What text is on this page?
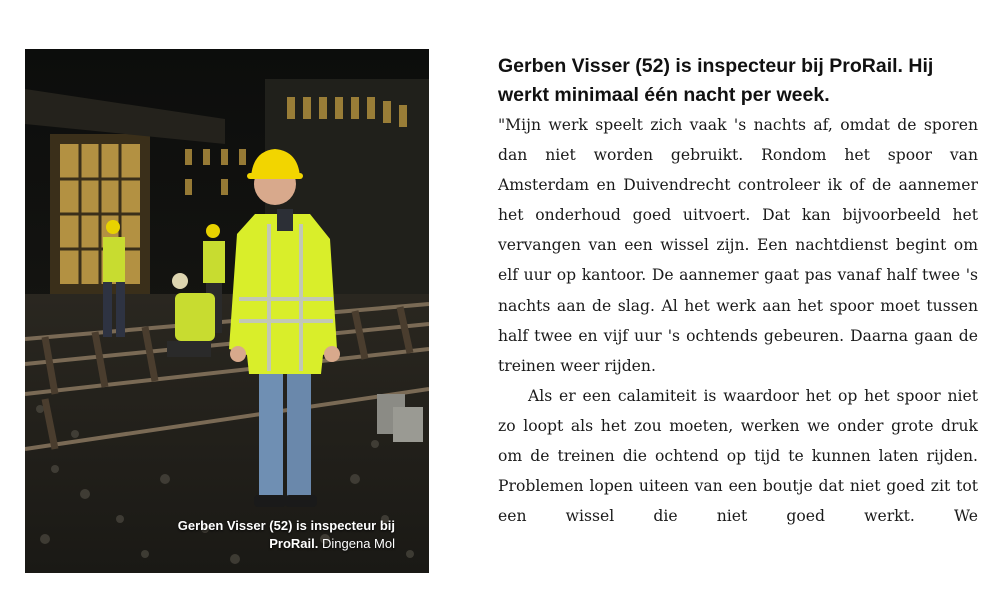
Gerben Visser (52) is inspecteur bij ProRail. Dingena Mol
Gerben Visser (52) is inspecteur bij ProRail. Hij werkt minimaal één nacht per week.

"Mijn werk speelt zich vaak 's nachts af, omdat de sporen dan niet worden gebruikt. Rondom het spoor van Amsterdam en Duivendrecht controleer ik of de aannemer het onderhoud goed uitvoert. Dat kan bijvoorbeeld het vervangen van een wissel zijn. Een nachtdienst begint om elf uur op kantoor. De aannemer gaat pas vanaf half twee 's nachts aan de slag. Al het werk aan het spoor moet tussen half twee en vijf uur 's ochtends gebeuren. Daarna gaan de treinen weer rijden.

Als er een calamiteit is waardoor het op het spoor niet zo loopt als het zou moeten, werken we onder grote druk om de treinen die ochtend op tijd te kunnen laten rijden. Problemen lopen uiteen van een boutje dat niet goed zit tot een wissel die niet goed werkt. We
